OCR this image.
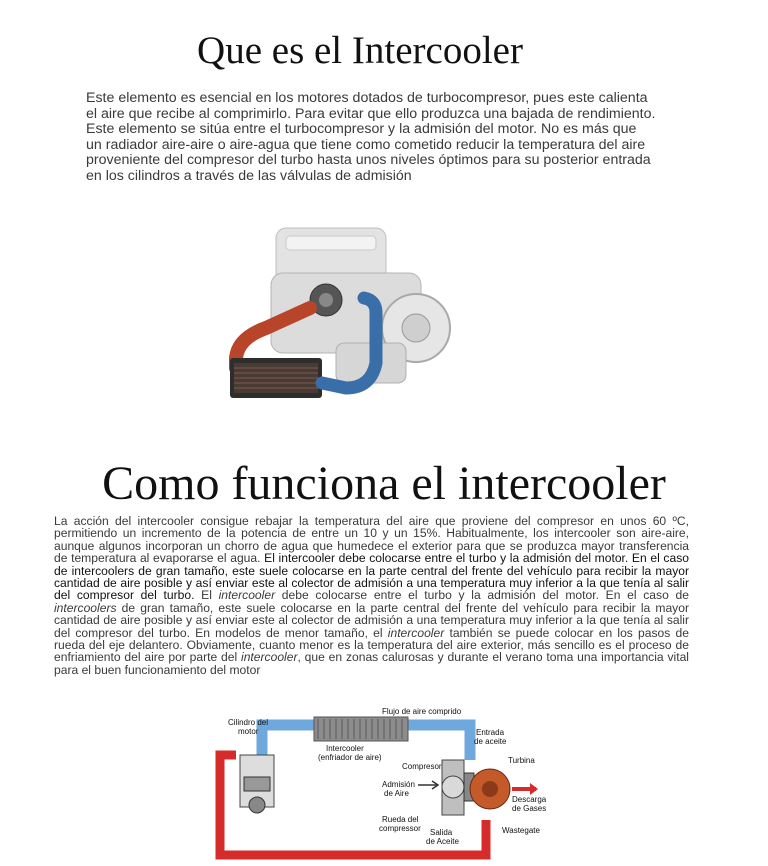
Que es el Intercooler
Este elemento es esencial en los motores dotados de turbocompresor, pues este calienta el aire que recibe al comprimirlo. Para evitar que ello produzca una bajada de rendimiento. Este elemento se sitúa entre el turbocompresor y la admisión del motor. No es más que un radiador aire-aire o aire-agua que tiene como cometido reducir la temperatura del aire proveniente del compresor del turbo hasta unos niveles óptimos para su posterior entrada en los cilindros a través de las válvulas de admisión
Como funciona el intercooler
La acción del intercooler consigue rebajar la temperatura del aire que proviene del compresor en unos 60 ºC, permitiendo un incremento de la potencia de entre un 10 y un 15%. Habitualmente, los intercooler son aire-aire, aunque algunos incorporan un chorro de agua que humedece el exterior para que se produzca mayor transferencia de temperatura al evaporarse el agua. El intercooler debe colocarse entre el turbo y la admisión del motor. En el caso de intercoolers de gran tamaño, este suele colocarse en la parte central del frente del vehículo para recibir la mayor cantidad de aire posible y así enviar este al colector de admisión a una temperatura muy inferior a la que tenía al salir del compresor del turbo. El intercooler debe colocarse entre el turbo y la admisión del motor. En el caso de intercoolers de gran tamaño, este suele colocarse en la parte central del frente del vehículo para recibir la mayor cantidad de aire posible y así enviar este al colector de admisión a una temperatura muy inferior a la que tenía al salir del compresor del turbo. En modelos de menor tamaño, el intercooler también se puede colocar en los pasos de rueda del eje delantero. Obviamente, cuanto menor es la temperatura del aire exterior, más sencillo es el proceso de enfriamiento del aire por parte del intercooler, que en zonas calurosas y durante el verano toma una importancia vital para el buen funcionamiento del motor
Cilindro del
motor
Flujo de aire comprido
Intercooler
(enfriador de aire)
Entrada
de aceite
Compresor
Turbina
Admisión
de Aire
Descarga
de Gases
Rueda del
compressor Salida
de Aceite
Wastegate
